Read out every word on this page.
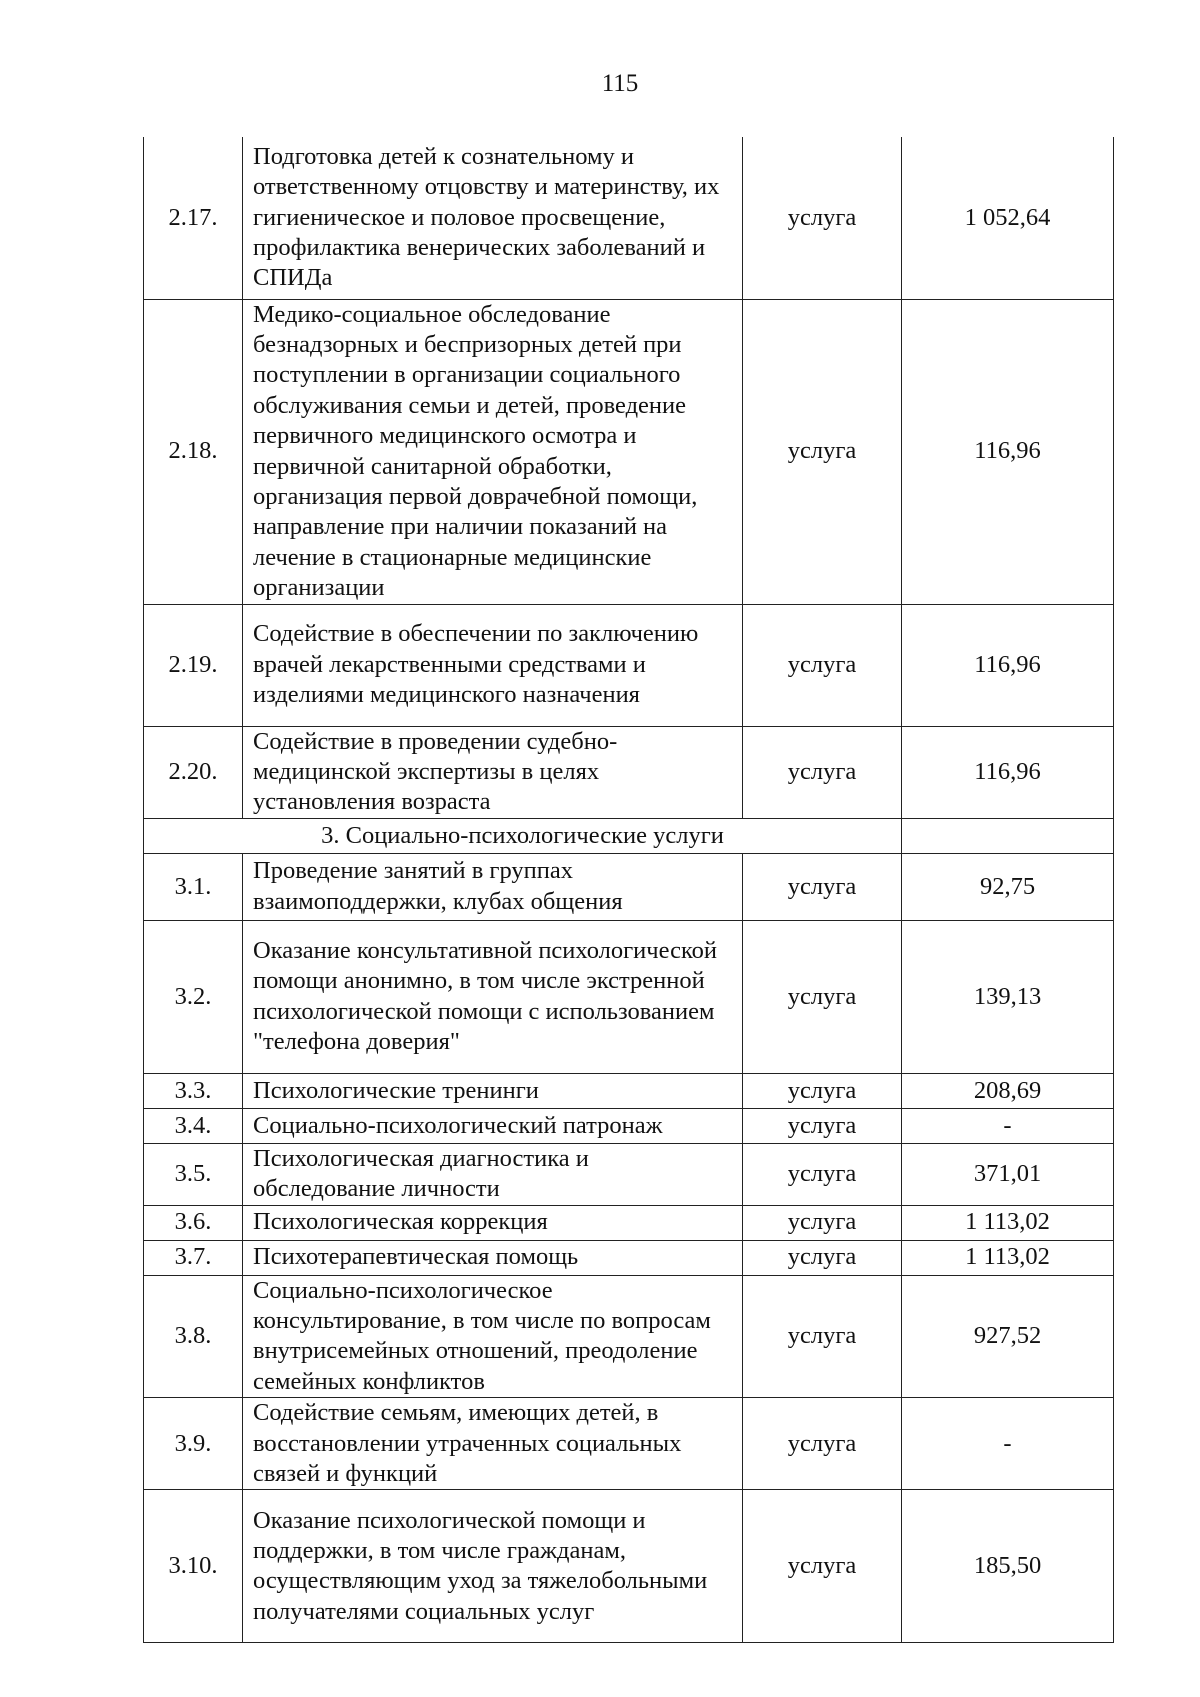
115
2.17.	Подготовка детей к сознательному и ответственному отцовству и материнству, их гигиеническое и половое просвещение, профилактика венерических заболеваний и СПИДа	услуга	1 052,64
2.18.	Медико-социальное обследование безнадзорных и беспризорных детей при поступлении в организации социального обслуживания семьи и детей, проведение первичного медицинского осмотра и первичной санитарной обработки, организация первой доврачебной помощи, направление при наличии показаний на лечение в стационарные медицинские организации	услуга	116,96
2.19.	Содействие в обеспечении по заключению врачей лекарственными средствами и изделиями медицинского назначения	услуга	116,96
2.20.	Содействие в проведении судебно-медицинской экспертизы в целях установления возраста	услуга	116,96
3. Социально-психологические услуги			
3.1.	Проведение занятий в группах взаимоподдержки, клубах общения	услуга	92,75
3.2.	Оказание консультативной психологической помощи анонимно, в том числе экстренной психологической помощи с использованием "телефона доверия"	услуга	139,13
3.3.	Психологические тренинги	услуга	208,69
3.4.	Социально-психологический патронаж	услуга	-
3.5.	Психологическая диагностика и обследование личности	услуга	371,01
3.6.	Психологическая коррекция	услуга	1 113,02
3.7.	Психотерапевтическая помощь	услуга	1 113,02
3.8.	Социально-психологическое консультирование, в том числе по вопросам внутрисемейных отношений, преодоление семейных конфликтов	услуга	927,52
3.9.	Содействие семьям, имеющих детей, в восстановлении утраченных социальных связей и функций	услуга	-
3.10.	Оказание психологической помощи и поддержки, в том числе гражданам, осуществляющим уход за тяжелобольными получателями социальных услуг	услуга	185,50
